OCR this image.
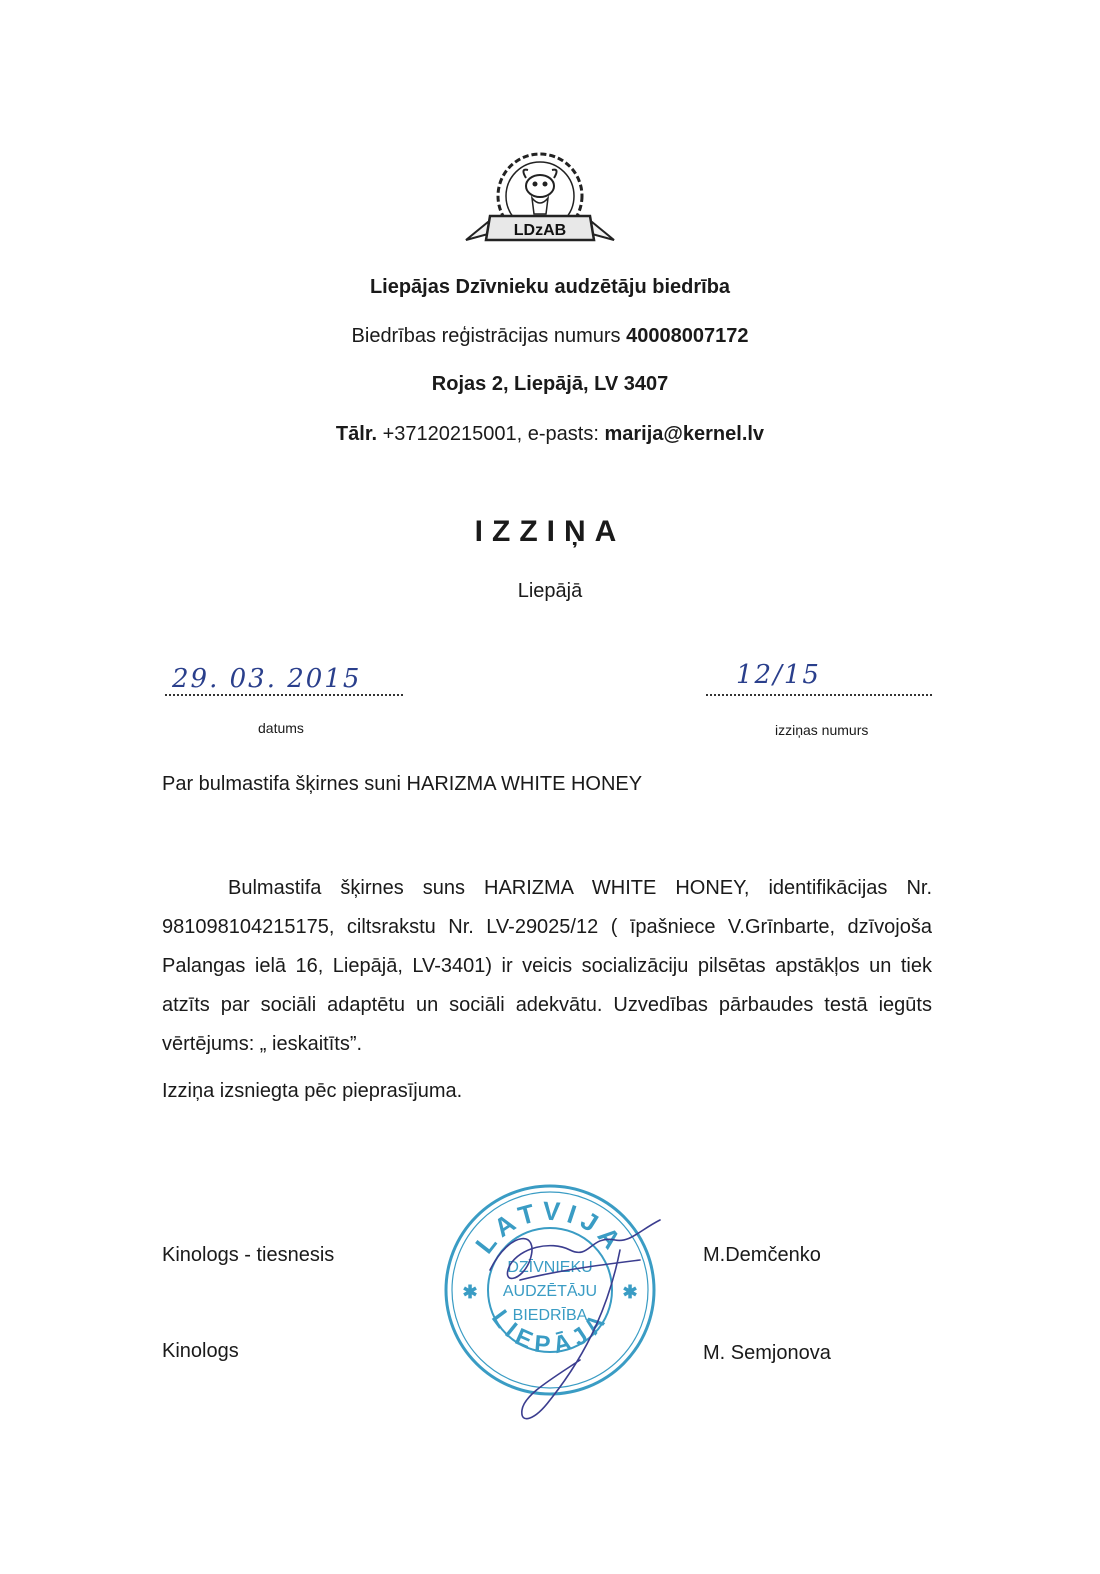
LDzAB
Liepājas Dzīvnieku audzētāju biedrība
Biedrības reģistrācijas numurs 40008007172
Rojas 2, Liepājā, LV 3407
Tālr. +37120215001, e-pasts: marija@kernel.lv
IZZIŅA
Liepājā
29. 03. 2015
datums
12/15
izziņas numurs
Par bulmastifa šķirnes suni HARIZMA WHITE HONEY
Bulmastifa šķirnes suns HARIZMA WHITE HONEY, identifikācijas Nr. 981098104215175, ciltsrakstu Nr. LV-29025/12 ( īpašniece V.Grīnbarte, dzīvojoša Palangas ielā 16, Liepājā, LV-3401) ir veicis socializāciju pilsētas apstākļos un tiek atzīts par sociāli adaptētu un sociāli adekvātu. Uzvedības pārbaudes testā iegūts vērtējums: „ ieskaitīts”.
Izziņa izsniegta pēc pieprasījuma.
Kinologs - tiesnesis	M.Demčenko
Kinologs	M. Semjonova
LATVIJA
LIEPĀJA
DZĪVNIEKU
AUDZĒTĀJU
BIEDRĪBA
✱	✱
